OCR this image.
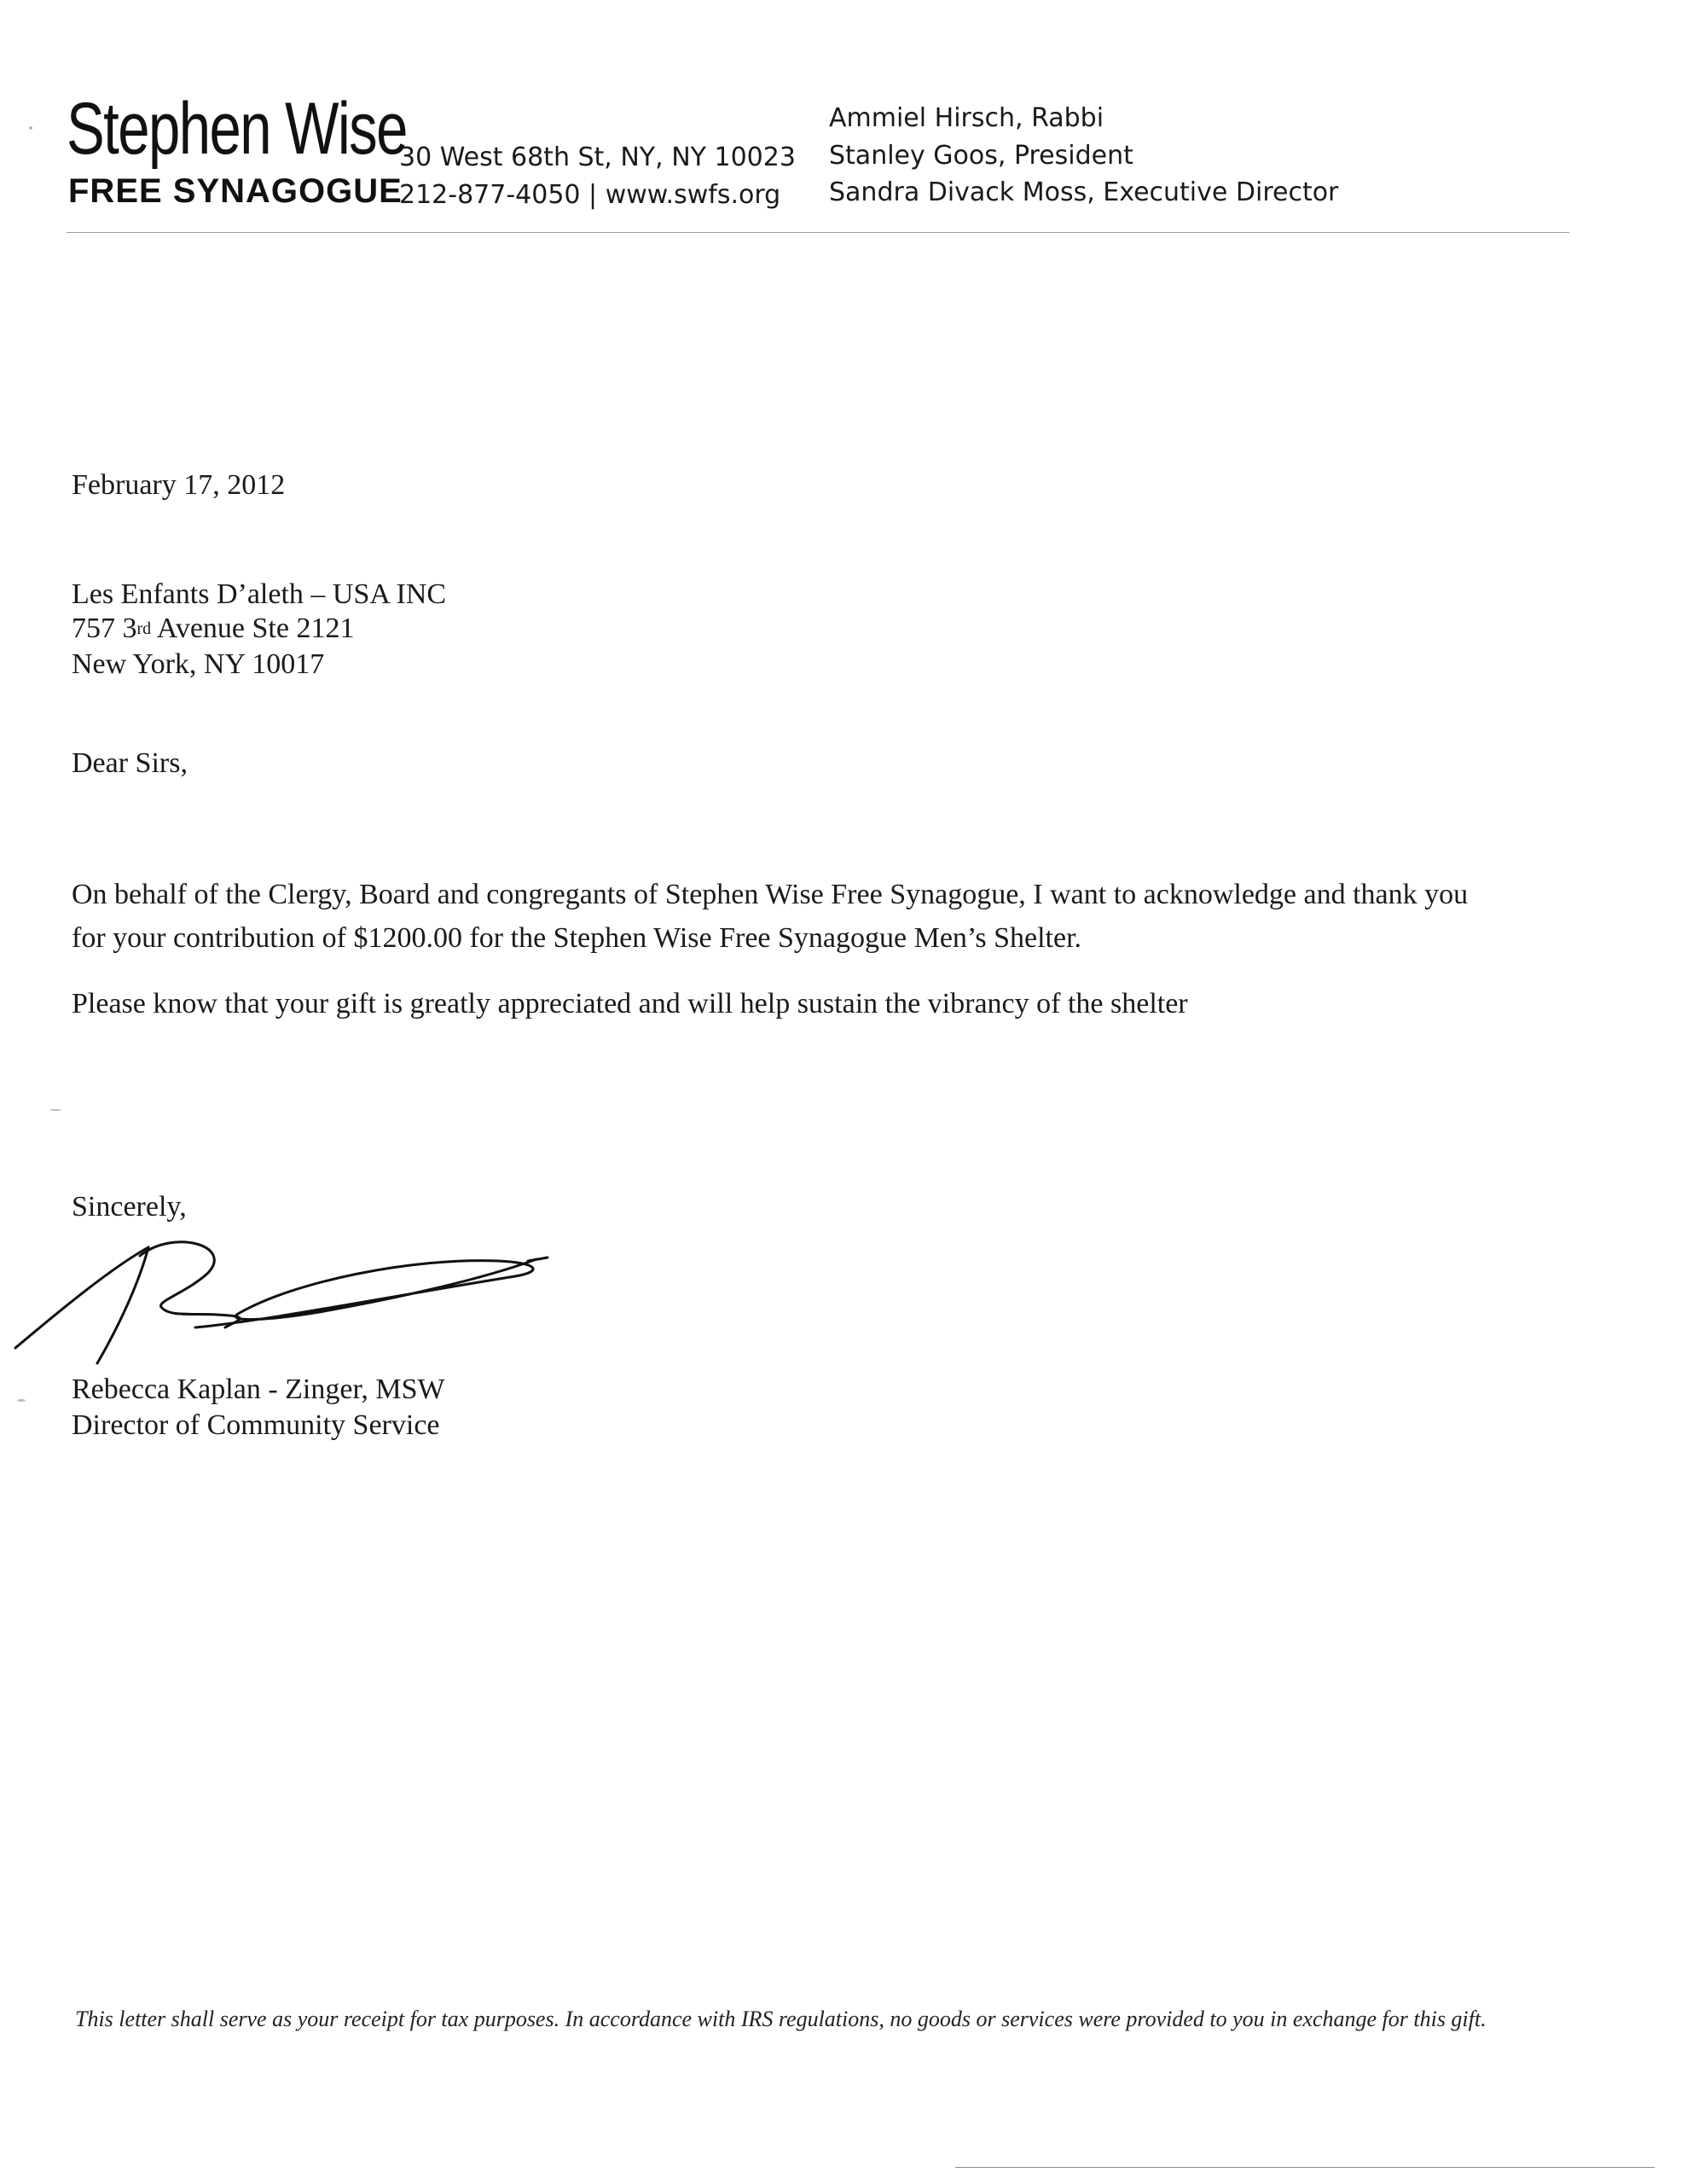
Stephen Wise
FREE SYNAGOGUE
30 West 68th St, NY, NY 10023
212-877-4050 | www.swfs.org
Ammiel Hirsch, Rabbi
Stanley Goos, President
Sandra Divack Moss, Executive Director
February 17, 2012
Les Enfants D’aleth – USA INC
757 3rd Avenue Ste 2121
New York, NY 10017
Dear Sirs,
On behalf of the Clergy, Board and congregants of Stephen Wise Free Synagogue, I want to acknowledge and thank you
for your contribution of $1200.00 for the Stephen Wise Free Synagogue Men’s Shelter.
Please know that your gift is greatly appreciated and will help sustain the vibrancy of the shelter
Sincerely,
Rebecca Kaplan - Zinger, MSW
Director of Community Service
This letter shall serve as your receipt for tax purposes. In accordance with IRS regulations, no goods or services were provided to you in exchange for this gift.
